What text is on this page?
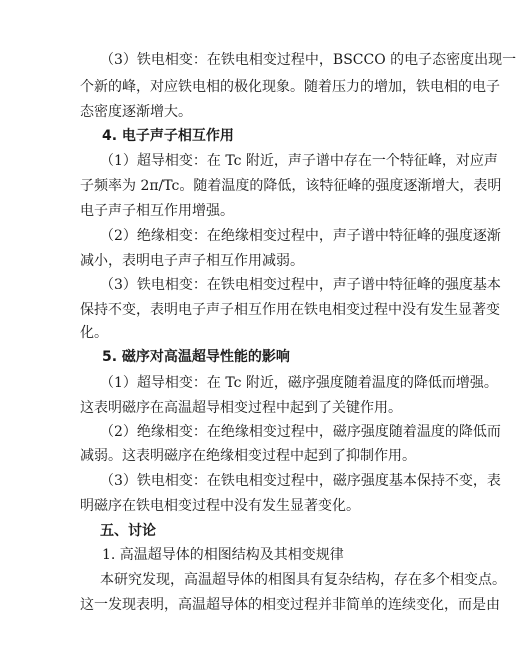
（3）铁电相变：在铁电相变过程中，BSCCO 的电子态密度出现一
个新的峰，对应铁电相的极化现象。随着压力的增加，铁电相的电子
态密度逐渐增大。
4. 电子声子相互作用
（1）超导相变：在 Tc 附近，声子谱中存在一个特征峰，对应声
子频率为 2π/Tc。随着温度的降低，该特征峰的强度逐渐增大，表明
电子声子相互作用增强。
（2）绝缘相变：在绝缘相变过程中，声子谱中特征峰的强度逐渐
减小，表明电子声子相互作用减弱。
（3）铁电相变：在铁电相变过程中，声子谱中特征峰的强度基本
保持不变，表明电子声子相互作用在铁电相变过程中没有发生显著变
化。
5. 磁序对高温超导性能的影响
（1）超导相变：在 Tc 附近，磁序强度随着温度的降低而增强。
这表明磁序在高温超导相变过程中起到了关键作用。
（2）绝缘相变：在绝缘相变过程中，磁序强度随着温度的降低而
减弱。这表明磁序在绝缘相变过程中起到了抑制作用。
（3）铁电相变：在铁电相变过程中，磁序强度基本保持不变，表
明磁序在铁电相变过程中没有发生显著变化。
五、讨论
1. 高温超导体的相图结构及其相变规律
本研究发现，高温超导体的相图具有复杂结构，存在多个相变点。
这一发现表明，高温超导体的相变过程并非简单的连续变化，而是由
